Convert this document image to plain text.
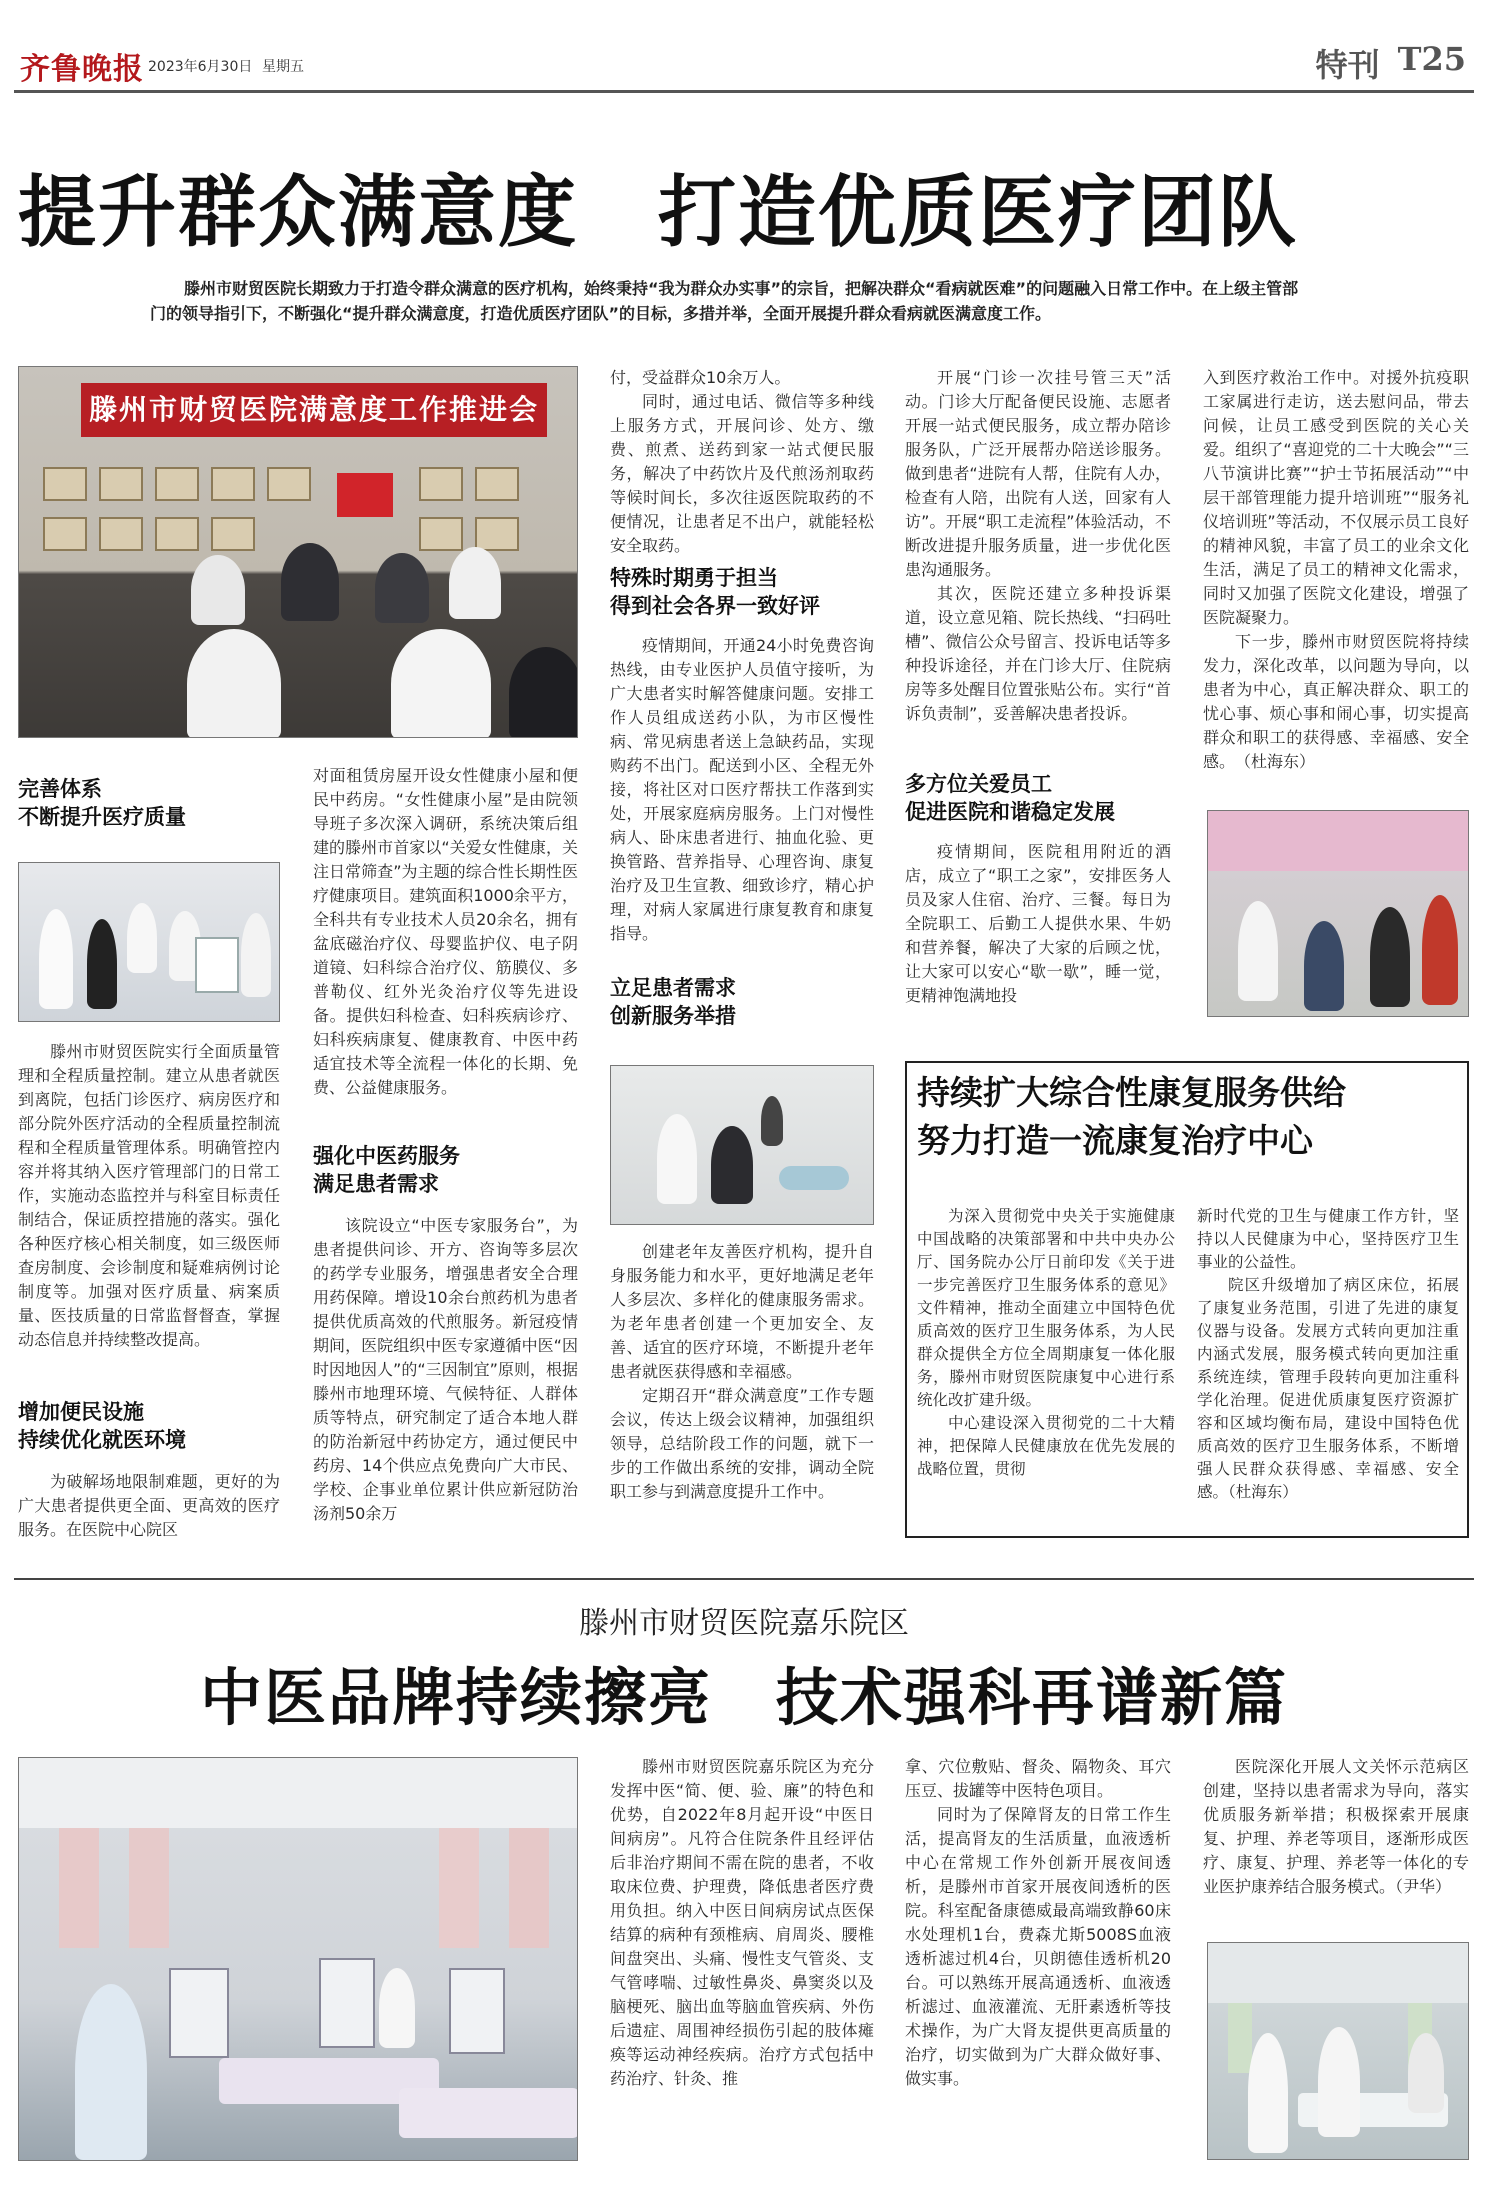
齐鲁晚报 2023年6月30日 星期五	特刊 T25
提升群众满意度　打造优质医疗团队
滕州市财贸医院长期致力于打造令群众满意的医疗机构，始终秉持“我为群众办实事”的宗旨，把解决群众“看病就医难”的问题融入日常工作中。在上级主管部门的领导指引下，不断强化“提升群众满意度，打造优质医疗团队”的目标，多措并举，全面开展提升群众看病就医满意度工作。
滕州市财贸医院满意度工作推进会
完善体系
不断提升医疗质量

滕州市财贸医院实行全面质量管理和全程质量控制。建立从患者就医到离院，包括门诊医疗、病房医疗和部分院外医疗活动的全程质量控制流程和全程质量管理体系。明确管控内容并将其纳入医疗管理部门的日常工作，实施动态监控并与科室目标责任制结合，保证质控措施的落实。强化各种医疗核心相关制度，如三级医师查房制度、会诊制度和疑难病例讨论制度等。加强对医疗质量、病案质量、医技质量的日常监督督查，掌握动态信息并持续整改提高。

增加便民设施
持续优化就医环境

为破解场地限制难题，更好的为广大患者提供更全面、更高效的医疗服务。在医院中心院区

对面租赁房屋开设女性健康小屋和便民中药房。“女性健康小屋”是由院领导班子多次深入调研，系统决策后组建的滕州市首家以“关爱女性健康，关注日常筛查”为主题的综合性长期性医疗健康项目。建筑面积1000余平方，全科共有专业技术人员20余名，拥有盆底磁治疗仪、母婴监护仪、电子阴道镜、妇科综合治疗仪、筋膜仪、多普勒仪、红外光灸治疗仪等先进设备。提供妇科检查、妇科疾病诊疗、妇科疾病康复、健康教育、中医中药适宜技术等全流程一体化的长期、免费、公益健康服务。

强化中医药服务
满足患者需求

该院设立“中医专家服务台”，为患者提供问诊、开方、咨询等多层次的药学专业服务，增强患者安全合理用药保障。增设10余台煎药机为患者提供优质高效的代煎服务。新冠疫情期间，医院组织中医专家遵循中医“因时因地因人”的“三因制宜”原则，根据滕州市地理环境、气候特征、人群体质等特点，研究制定了适合本地人群的防治新冠中药协定方，通过便民中药房、14个供应点免费向广大市民、学校、企事业单位累计供应新冠防治汤剂50余万

付，受益群众10余万人。

同时，通过电话、微信等多种线上服务方式，开展问诊、处方、缴费、煎煮、送药到家一站式便民服务，解决了中药饮片及代煎汤剂取药等候时间长，多次往返医院取药的不便情况，让患者足不出户，就能轻松安全取药。

特殊时期勇于担当
得到社会各界一致好评

疫情期间，开通24小时免费咨询热线，由专业医护人员值守接听，为广大患者实时解答健康问题。安排工作人员组成送药小队，为市区慢性病、常见病患者送上急缺药品，实现购药不出门。配送到小区、全程无外接，将社区对口医疗帮扶工作落到实处，开展家庭病房服务。上门对慢性病人、卧床患者进行、抽血化验、更换管路、营养指导、心理咨询、康复治疗及卫生宣教、细致诊疗，精心护理，对病人家属进行康复教育和康复指导。

立足患者需求
创新服务举措

创建老年友善医疗机构，提升自身服务能力和水平，更好地满足老年人多层次、多样化的健康服务需求。为老年患者创建一个更加安全、友善、适宜的医疗环境，不断提升老年患者就医获得感和幸福感。

定期召开“群众满意度”工作专题会议，传达上级会议精神，加强组织领导，总结阶段工作的问题，就下一步的工作做出系统的安排，调动全院职工参与到满意度提升工作中。

开展“门诊一次挂号管三天”活动。门诊大厅配备便民设施、志愿者开展一站式便民服务，成立帮办陪诊服务队，广泛开展帮办陪送诊服务。做到患者“进院有人帮，住院有人办，检查有人陪，出院有人送，回家有人访”。开展“职工走流程”体验活动，不断改进提升服务质量，进一步优化医患沟通服务。

其次，医院还建立多种投诉渠道，设立意见箱、院长热线、“扫码吐槽”、微信公众号留言、投诉电话等多种投诉途径，并在门诊大厅、住院病房等多处醒目位置张贴公布。实行“首诉负责制”，妥善解决患者投诉。

多方位关爱员工
促进医院和谐稳定发展

疫情期间，医院租用附近的酒店，成立了“职工之家”，安排医务人员及家人住宿、治疗、三餐。每日为全院职工、后勤工人提供水果、牛奶和营养餐，解决了大家的后顾之忧，让大家可以安心“歇一歇”，睡一觉，更精神饱满地投

入到医疗救治工作中。对援外抗疫职工家属进行走访，送去慰问品，带去问候，让员工感受到医院的关心关爱。组织了“喜迎党的二十大晚会”“三八节演讲比赛”“护士节拓展活动”“中层干部管理能力提升培训班”“服务礼仪培训班”等活动，不仅展示员工良好的精神风貌，丰富了员工的业余文化生活，满足了员工的精神文化需求，同时又加强了医院文化建设，增强了医院凝聚力。

下一步，滕州市财贸医院将持续发力，深化改革，以问题为导向，以患者为中心，真正解决群众、职工的忧心事、烦心事和闹心事，切实提高群众和职工的获得感、幸福感、安全感。　（杜海东）

持续扩大综合性康复服务供给
努力打造一流康复治疗中心

为深入贯彻党中央关于实施健康中国战略的决策部署和中共中央办公厅、国务院办公厅日前印发《关于进一步完善医疗卫生服务体系的意见》文件精神，推动全面建立中国特色优质高效的医疗卫生服务体系，为人民群众提供全方位全周期康复一体化服务，滕州市财贸医院康复中心进行系统化改扩建升级。

中心建设深入贯彻党的二十大精神，把保障人民健康放在优先发展的战略位置，贯彻

新时代党的卫生与健康工作方针，坚持以人民健康为中心，坚持医疗卫生事业的公益性。

院区升级增加了病区床位，拓展了康复业务范围，引进了先进的康复仪器与设备。发展方式转向更加注重内涵式发展，服务模式转向更加注重系统连续，管理手段转向更加注重科学化治理。促进优质康复医疗资源扩容和区域均衡布局，建设中国特色优质高效的医疗卫生服务体系，不断增强人民群众获得感、幸福感、安全感。（杜海东）

滕州市财贸医院嘉乐院区
中医品牌持续擦亮　技术强科再谱新篇

滕州市财贸医院嘉乐院区为充分发挥中医“简、便、验、廉”的特色和优势，自2022年8月起开设“中医日间病房”。凡符合住院条件且经评估后非治疗期间不需在院的患者，不收取床位费、护理费，降低患者医疗费用负担。纳入中医日间病房试点医保结算的病种有颈椎病、肩周炎、腰椎间盘突出、头痛、慢性支气管炎、支气管哮喘、过敏性鼻炎、鼻窦炎以及脑梗死、脑出血等脑血管疾病、外伤后遗症、周围神经损伤引起的肢体瘫痪等运动神经疾病。治疗方式包括中药治疗、针灸、推

拿、穴位敷贴、督灸、隔物灸、耳穴压豆、拔罐等中医特色项目。

同时为了保障肾友的日常工作生活，提高肾友的生活质量，血液透析中心在常规工作外创新开展夜间透析，是滕州市首家开展夜间透析的医院。科室配备康德威最高端致静60床水处理机1台，费森尤斯5008S血液透析滤过机4台，贝朗德佳透析机20台。可以熟练开展高通透析、血液透析滤过、血液灌流、无肝素透析等技术操作，为广大肾友提供更高质量的治疗，切实做到为广大群众做好事、做实事。

医院深化开展人文关怀示范病区创建，坚持以患者需求为导向，落实优质服务新举措；积极探索开展康复、护理、养老等项目，逐渐形成医疗、康复、护理、养老等一体化的专业医护康养结合服务模式。（尹华）
